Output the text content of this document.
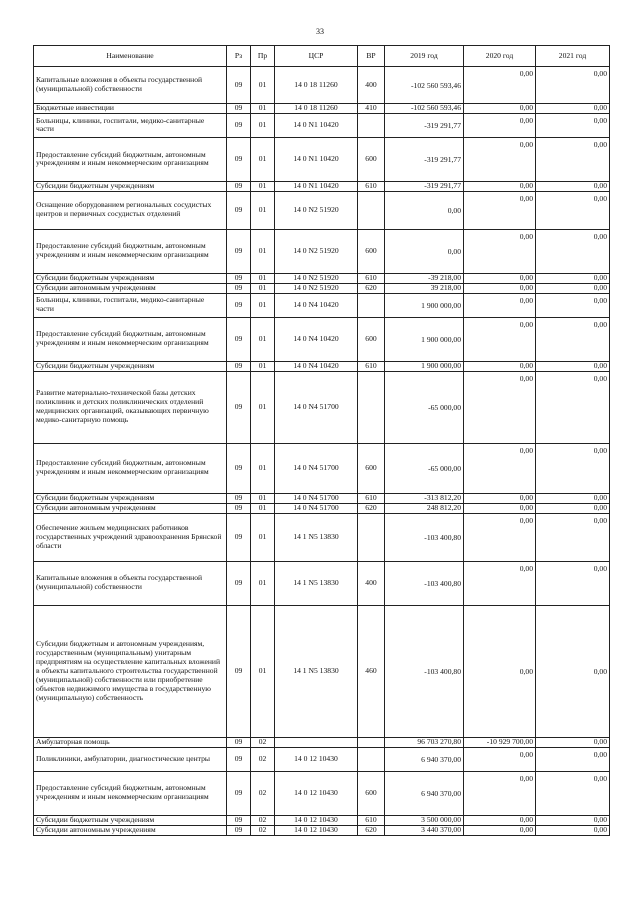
33
Наименование	Рз	Пр	ЦСР	ВР	2019 год	2020 год	2021 год
Капитальные вложения в объекты государственной (муниципальной) собственности	09	01	14 0 18 11260	400	-102 560 593,46	0,00	0,00
Бюджетные инвестиции	09	01	14 0 18 11260	410	-102 560 593,46	0,00	0,00
Больницы, клиники, госпитали, медико-санитарные части	09	01	14 0 N1 10420		-319 291,77	0,00	0,00
Предоставление субсидий бюджетным, автономным учреждениям и иным некоммерческим организациям	09	01	14 0 N1 10420	600	-319 291,77	0,00	0,00
Субсидии бюджетным учреждениям	09	01	14 0 N1 10420	610	-319 291,77	0,00	0,00
Оснащение оборудованием региональных сосудистых центров и первичных сосудистых отделений	09	01	14 0 N2 51920		0,00	0,00	0,00
Предоставление субсидий бюджетным, автономным учреждениям и иным некоммерческим организациям	09	01	14 0 N2 51920	600	0,00	0,00	0,00
Субсидии бюджетным учреждениям	09	01	14 0 N2 51920	610	-39 218,00	0,00	0,00
Субсидии автономным учреждениям	09	01	14 0 N2 51920	620	39 218,00	0,00	0,00
Больницы, клиники, госпитали, медико-санитарные части	09	01	14 0 N4 10420		1 900 000,00	0,00	0,00
Предоставление субсидий бюджетным, автономным учреждениям и иным некоммерческим организациям	09	01	14 0 N4 10420	600	1 900 000,00	0,00	0,00
Субсидии бюджетным учреждениям	09	01	14 0 N4 10420	610	1 900 000,00	0,00	0,00
Развитие материально-технической базы детских поликлиник и детских поликлинических отделений медицинских организаций, оказывающих первичную медико-санитарную помощь	09	01	14 0 N4 51700		-65 000,00	0,00	0,00
Предоставление субсидий бюджетным, автономным учреждениям и иным некоммерческим организациям	09	01	14 0 N4 51700	600	-65 000,00	0,00	0,00
Субсидии бюджетным учреждениям	09	01	14 0 N4 51700	610	-313 812,20	0,00	0,00
Субсидии автономным учреждениям	09	01	14 0 N4 51700	620	248 812,20	0,00	0,00
Обеспечение жильем медицинских работников государственных учреждений здравоохранения Брянской области	09	01	14 1 N5 13830		-103 400,80	0,00	0,00
Капитальные вложения в объекты государственной (муниципальной) собственности	09	01	14 1 N5 13830	400	-103 400,80	0,00	0,00
Субсидии бюджетным и автономным учреждениям, государственным (муниципальным) унитарным предприятиям на осуществление капитальных вложений в объекты капитального строительства государственной (муниципальной) собственности или приобретение объектов недвижимого имущества в государственную (муниципальную) собственность	09	01	14 1 N5 13830	460	-103 400,80	0,00	0,00
Амбулаторная помощь	09	02			96 703 270,80	-10 929 700,00	0,00
Поликлиники, амбулатории, диагностические центры	09	02	14 0 12 10430		6 940 370,00	0,00	0,00
Предоставление субсидий бюджетным, автономным учреждениям и иным некоммерческим организациям	09	02	14 0 12 10430	600	6 940 370,00	0,00	0,00
Субсидии бюджетным учреждениям	09	02	14 0 12 10430	610	3 500 000,00	0,00	0,00
Субсидии автономным учреждениям	09	02	14 0 12 10430	620	3 440 370,00	0,00	0,00
